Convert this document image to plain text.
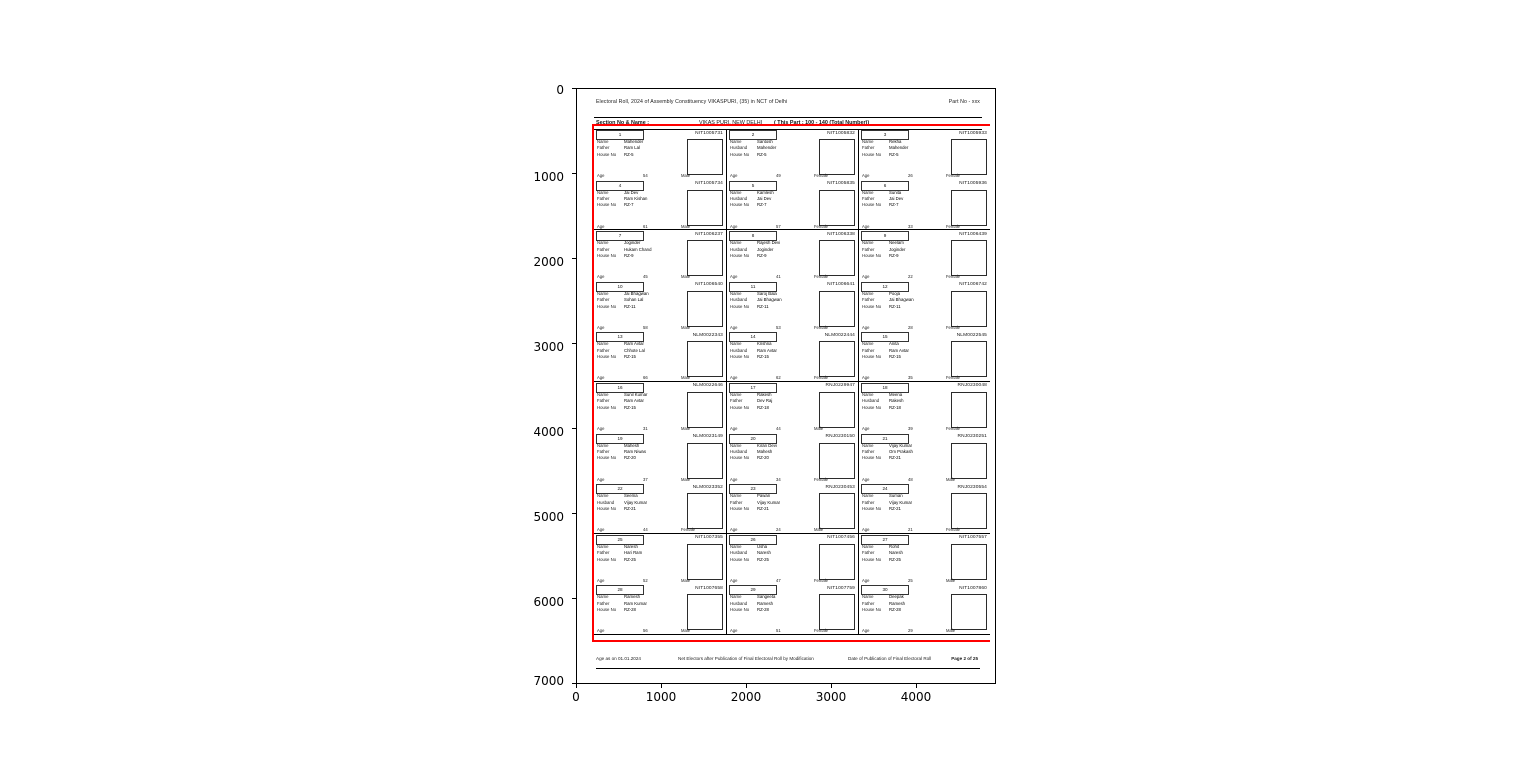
0
1000
2000
3000
4000
5000
6000
7000
0	1000	2000	3000	4000
Electoral Roll, 2024 of Assembly Constituency VIKASPURI, (35) in NCT of Delhi	Part No - xxx
Section No & Name :	VIKAS PURI, NEW DELHI ( This Part : 100 - 140 (Total Number))
1	NIT1005731
Name	Mahender
Father	Ram Lal
House No RZ-5
Age	54	Male
2	NIT1005832
Name	Santosh
Husband Mahender
House No RZ-5
Age	49	Female
3	NIT1005933
Name	Rekha
Father	Mahender
House No RZ-5
Age	26	Female
4	NIT1005734
Name	Jai Dev
Father	Ram Kishan
House No RZ-7
Age	61	Male
5	NIT1005835
Name	Kamlesh
Husband Jai Dev
House No RZ-7
Age	57	Female
6	NIT1005936
Name	Sunita
Father	Jai Dev
House No RZ-7
Age	33	Female
7	NIT1006237
Name	Joginder
Father	Hukam Chand
House No RZ-9
Age	45	Male
8	NIT1006338
Name	Rajesh Devi
Husband Joginder
House No RZ-9
Age	41	Female
9	NIT1006439
Name	Neelam
Father	Joginder
House No RZ-9
Age	22	Female
10	NIT1006540
Name	Jai Bhagwan
Father	Sohan Lal
House No RZ-11
Age	58	Male
11	NIT1006641
Name	Saroj Bala
Husband Jai Bhagwan
House No RZ-11
Age	53	Female
12	NIT1006742
Name	Pooja
Father	Jai Bhagwan
House No RZ-11
Age	28	Female
13	NLM0022343
Name	Ram Avtar
Father	Chhote Lal
House No RZ-15
Age	66	Male
14	NLM0022444
Name	Krishna
Husband Ram Avtar
House No RZ-15
Age	62	Female
15	NLM0022545
Name	Anita
Father	Ram Avtar
House No RZ-15
Age	35	Female
16	NLM0022646
Name	Sunil Kumar
Father	Ram Avtar
House No RZ-15
Age	31	Male
17	RNJ0229947
Name	Rakesh
Father	Dev Raj
House No RZ-18
Age	44	Male
18	RNJ0230048
Name	Meena
Husband Rakesh
House No RZ-18
Age	39	Female
19	NLM0023149
Name	Mahesh
Father	Ram Niwas
House No RZ-20
Age	37	Male
20	RNJ0230150
Name	Kiran Devi
Husband Mahesh
House No RZ-20
Age	34	Female
21	RNJ0230251
Name	Vijay Kumar
Father	Om Prakash
House No RZ-21
Age	48	Male
22	NLM0023352
Name	Seema
Husband Vijay Kumar
House No RZ-21
Age	44	Female
23	RNJ0230453
Name	Pawan
Father	Vijay Kumar
House No RZ-21
Age	24	Male
24	RNJ0230554
Name	Suman
Father	Vijay Kumar
House No RZ-21
Age	21	Female
25	NIT1007355
Name	Naresh
Father	Hari Ram
House No RZ-25
Age	52	Male
26	NIT1007456
Name	Usha
Husband Naresh
House No RZ-25
Age	47	Female
27	NIT1007557
Name	Rohit
Father	Naresh
House No RZ-25
Age	25	Male
28	NIT1007658
Name	Ramesh
Father	Ram Kumar
House No RZ-28
Age	56	Male
29	NIT1007759
Name	Sangeeta
Husband Ramesh
House No RZ-28
Age	51	Female
30	NIT1007860
Name	Deepak
Father	Ramesh
House No RZ-28
Age	29	Male
Age as on 01.01.2024	Net Electors after Publication of Final Electoral Roll by Modification	Date of Publication of Final Electoral Roll	Page 2 of 25
